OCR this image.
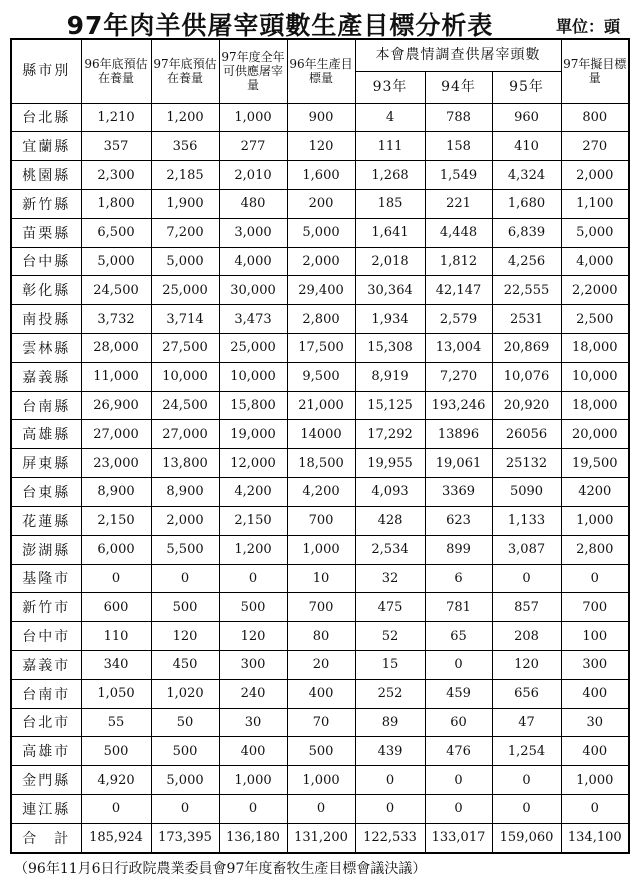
97年肉羊供屠宰頭數生產目標分析表	單位：頭
縣市別	96年底預估在養量	97年底預估在養量	97年度全年可供應屠宰量	96年生產目標量	本會農情調查供屠宰頭數			97年擬目標量
					93年	94年	95年	
台北縣	1,210	1,200	1,000	900	4	788	960	800
宜蘭縣	357	356	277	120	111	158	410	270
桃園縣	2,300	2,185	2,010	1,600	1,268	1,549	4,324	2,000
新竹縣	1,800	1,900	480	200	185	221	1,680	1,100
苗栗縣	6,500	7,200	3,000	5,000	1,641	4,448	6,839	5,000
台中縣	5,000	5,000	4,000	2,000	2,018	1,812	4,256	4,000
彰化縣	24,500	25,000	30,000	29,400	30,364	42,147	22,555	2,2000
南投縣	3,732	3,714	3,473	2,800	1,934	2,579	2531	2,500
雲林縣	28,000	27,500	25,000	17,500	15,308	13,004	20,869	18,000
嘉義縣	11,000	10,000	10,000	9,500	8,919	7,270	10,076	10,000
台南縣	26,900	24,500	15,800	21,000	15,125	193,246	20,920	18,000
高雄縣	27,000	27,000	19,000	14000	17,292	13896	26056	20,000
屏東縣	23,000	13,800	12,000	18,500	19,955	19,061	25132	19,500
台東縣	8,900	8,900	4,200	4,200	4,093	3369	5090	4200
花蓮縣	2,150	2,000	2,150	700	428	623	1,133	1,000
澎湖縣	6,000	5,500	1,200	1,000	2,534	899	3,087	2,800
基隆市	0	0	0	10	32	6	0	0
新竹市	600	500	500	700	475	781	857	700
台中市	110	120	120	80	52	65	208	100
嘉義市	340	450	300	20	15	0	120	300
台南市	1,050	1,020	240	400	252	459	656	400
台北市	55	50	30	70	89	60	47	30
高雄市	500	500	400	500	439	476	1,254	400
金門縣	4,920	5,000	1,000	1,000	0	0	0	1,000
連江縣	0	0	0	0	0	0	0	0
合　計	185,924	173,395	136,180	131,200	122,533	133,017	159,060	134,100
（96年11月6日行政院農業委員會97年度畜牧生產目標會議決議）
